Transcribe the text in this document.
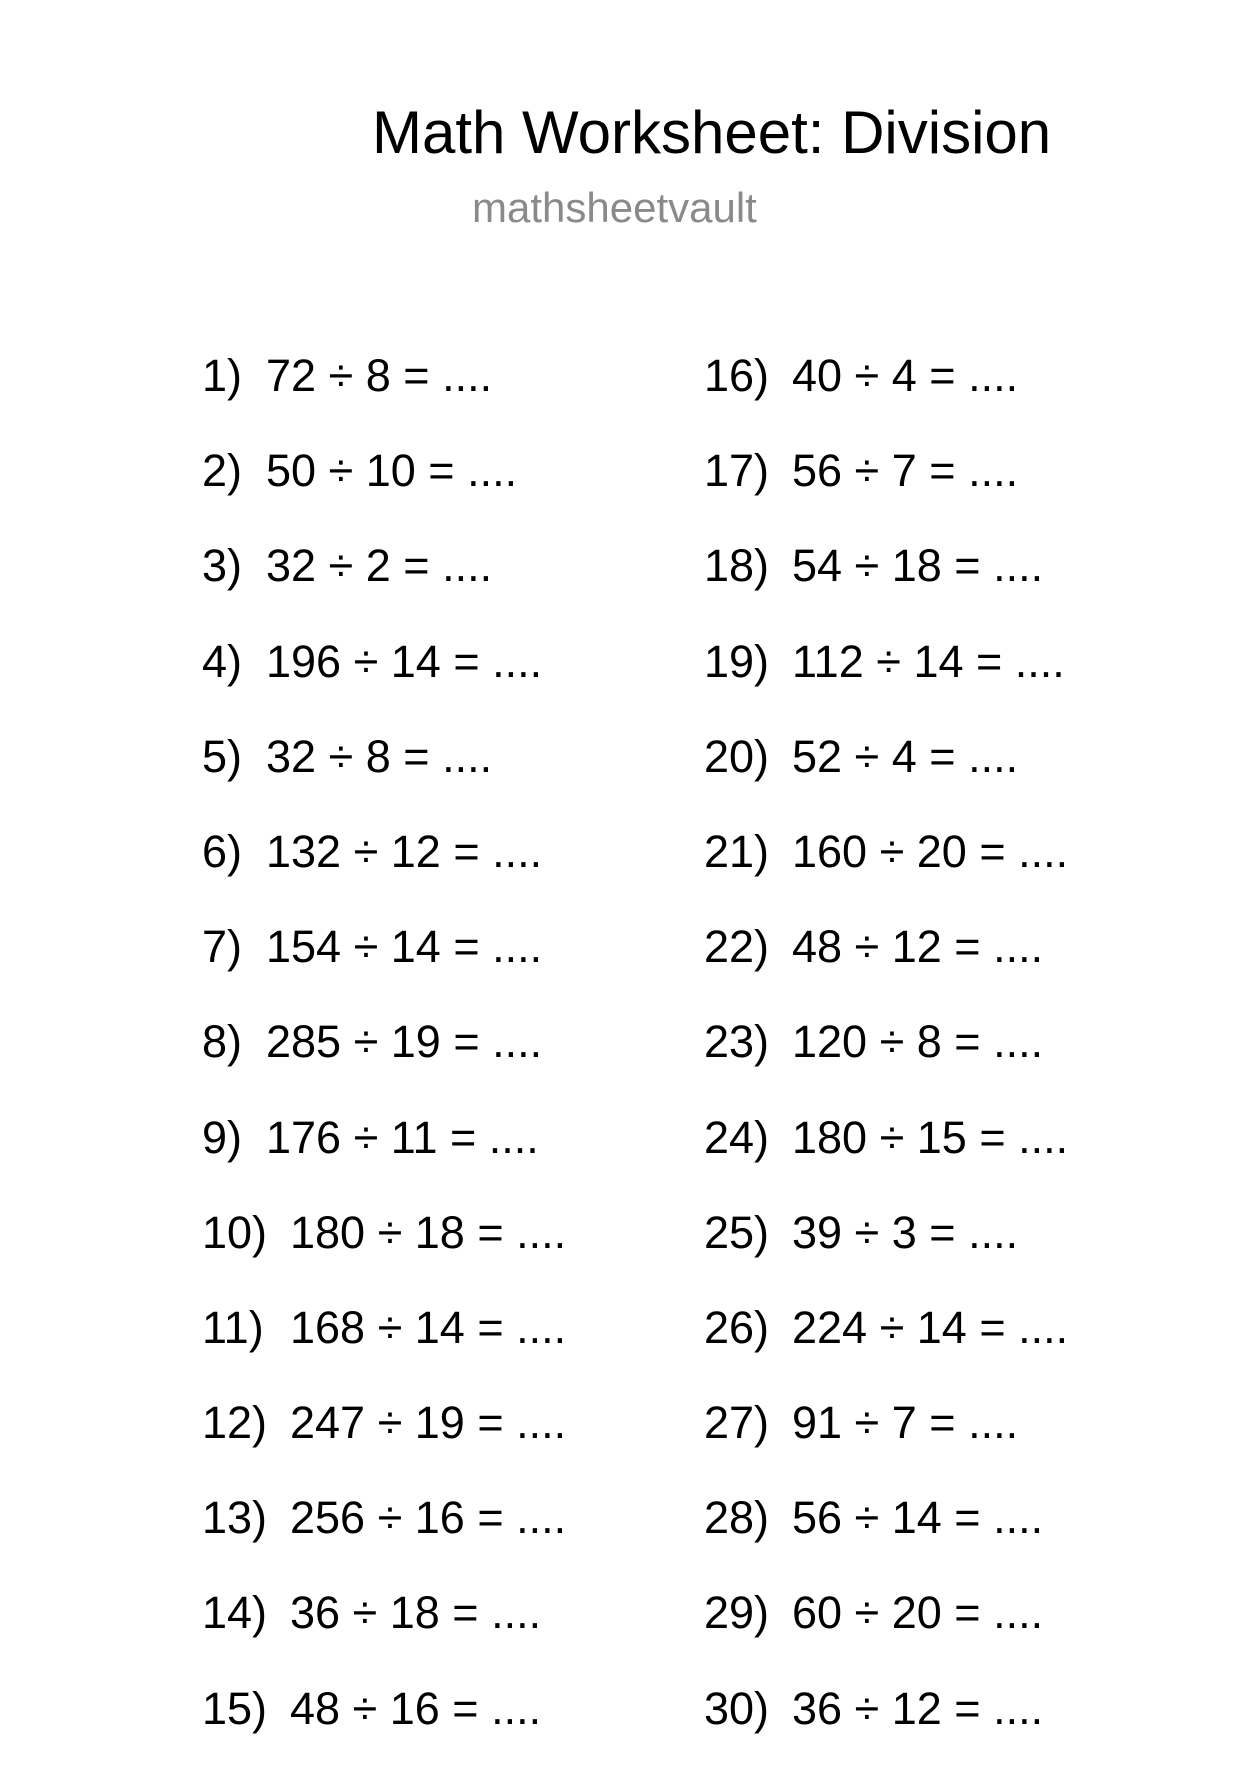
Math Worksheet: Division
mathsheetvault
1) 72 ÷ 8 = ....
2) 50 ÷ 10 = ....
3) 32 ÷ 2 = ....
4) 196 ÷ 14 = ....
5) 32 ÷ 8 = ....
6) 132 ÷ 12 = ....
7) 154 ÷ 14 = ....
8) 285 ÷ 19 = ....
9) 176 ÷ 11 = ....
10) 180 ÷ 18 = ....
11) 168 ÷ 14 = ....
12) 247 ÷ 19 = ....
13) 256 ÷ 16 = ....
14) 36 ÷ 18 = ....
15) 48 ÷ 16 = ....
16) 40 ÷ 4 = ....
17) 56 ÷ 7 = ....
18) 54 ÷ 18 = ....
19) 112 ÷ 14 = ....
20) 52 ÷ 4 = ....
21) 160 ÷ 20 = ....
22) 48 ÷ 12 = ....
23) 120 ÷ 8 = ....
24) 180 ÷ 15 = ....
25) 39 ÷ 3 = ....
26) 224 ÷ 14 = ....
27) 91 ÷ 7 = ....
28) 56 ÷ 14 = ....
29) 60 ÷ 20 = ....
30) 36 ÷ 12 = ....
